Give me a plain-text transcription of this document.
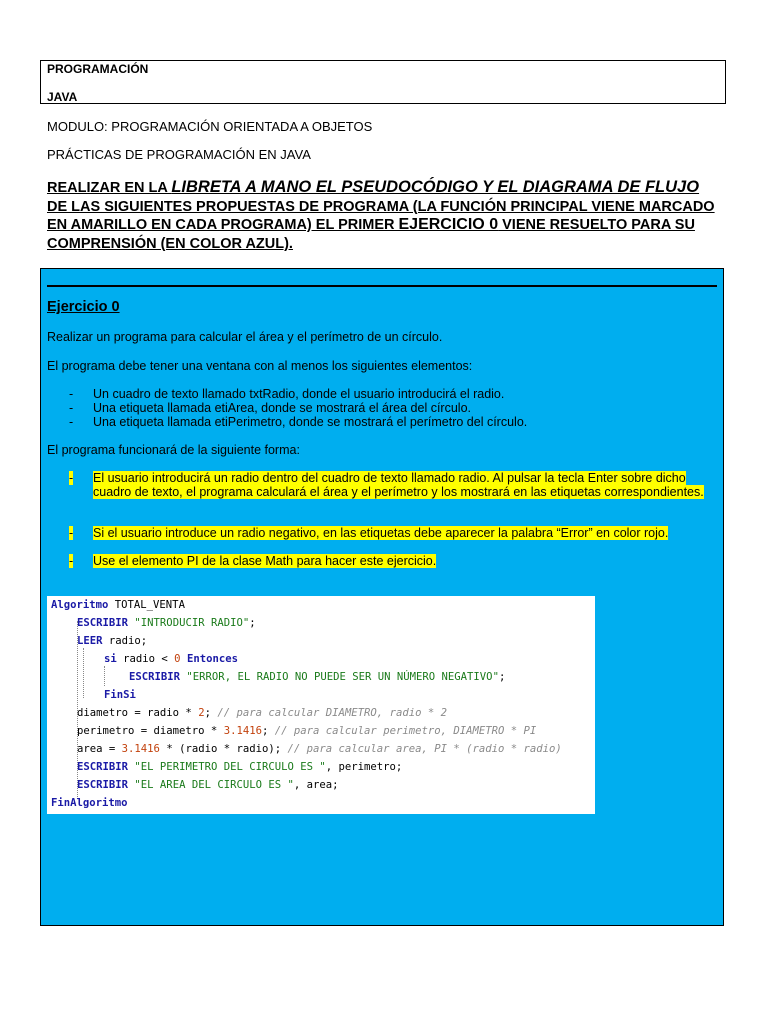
PROGRAMACIÓN
JAVA
MODULO: PROGRAMACIÓN ORIENTADA A OBJETOS
PRÁCTICAS DE PROGRAMACIÓN EN JAVA
REALIZAR EN LA LIBRETA A MANO EL PSEUDOCÓDIGO Y EL DIAGRAMA DE FLUJO DE LAS SIGUIENTES PROPUESTAS DE PROGRAMA (LA FUNCIÓN PRINCIPAL VIENE MARCADO EN AMARILLO EN CADA PROGRAMA) EL PRIMER EJERCICIO 0 VIENE RESUELTO PARA SU COMPRENSIÓN (EN COLOR AZUL).
Ejercicio 0
Realizar un programa para calcular el área y el perímetro de un círculo.
El programa debe tener una ventana con al menos los siguientes elementos:
- Un cuadro de texto llamado txtRadio, donde el usuario introducirá el radio.
- Una etiqueta llamada etiArea, donde se mostrará el área del círculo.
- Una etiqueta llamada etiPerimetro, donde se mostrará el perímetro del círculo.
El programa funcionará de la siguiente forma:
- El usuario introducirá un radio dentro del cuadro de texto llamado radio. Al pulsar la tecla Enter sobre dicho cuadro de texto, el programa calculará el área y el perímetro y los mostrará en las etiquetas correspondientes.
- Si el usuario introduce un radio negativo, en las etiquetas debe aparecer la palabra “Error” en color rojo.
- Use el elemento PI de la clase Math para hacer este ejercicio.
Algoritmo TOTAL_VENTA
ESCRIBIR "INTRODUCIR RADIO";
LEER radio;
si radio < 0 Entonces
ESCRIBIR "ERROR, EL RADIO NO PUEDE SER UN NÚMERO NEGATIVO";
FinSi
diametro = radio * 2; // para calcular DIAMETRO, radio * 2
perimetro = diametro * 3.1416; // para calcular perimetro, DIAMETRO * PI
area = 3.1416 * (radio * radio); // para calcular area, PI * (radio * radio)
ESCRIBIR "EL PERIMETRO DEL CIRCULO ES ", perimetro;
ESCRIBIR "EL AREA DEL CIRCULO ES ", area;
FinAlgoritmo
